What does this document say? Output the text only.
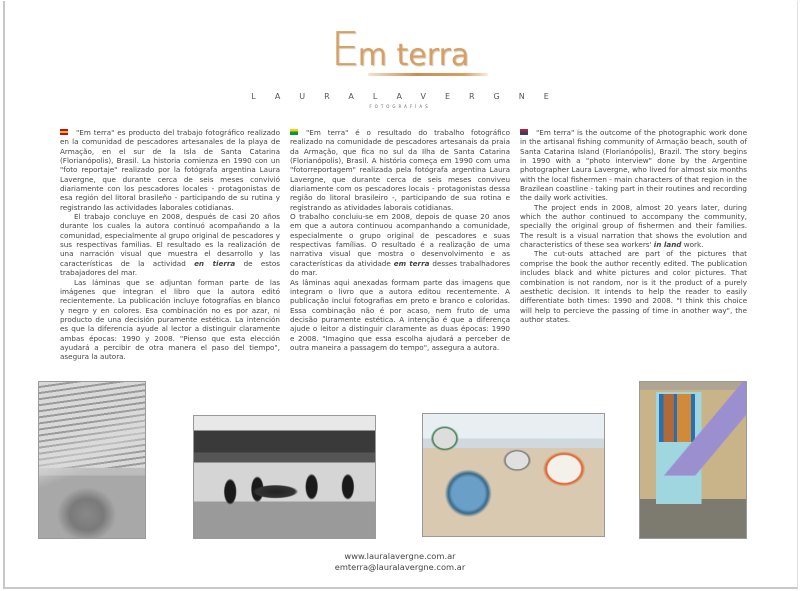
Em terra
LAURALAVERGNE
FOTOGRAFÍAS

"Em terra" es producto del trabajo fotográfico realizado en la comunidad de pescadores artesanales de la playa de Armação, en el sur de la Isla de Santa Catarina (Florianópolis), Brasil. La historia comienza en 1990 con un "foto reportaje" realizado por la fotógrafa argentina Laura Lavergne, que durante cerca de seis meses convivió diariamente con los pescadores locales - protagonistas de esa región del litoral brasileño - participando de su rutina y registrando las actividades laborales cotidianas.

El trabajo concluye en 2008, después de casi 20 años durante los cuales la autora continuó acompañando a la comunidad, especialmente al grupo original de pescadores y sus respectivas familias. El resultado es la realización de una narración visual que muestra el desarrollo y las características de la actividad en tierra de estos trabajadores del mar.

Las láminas que se adjuntan forman parte de las imágenes que integran el libro que la autora editó recientemente. La publicación incluye fotografías en blanco y negro y en colores. Esa combinación no es por azar, ni producto de una decisión puramente estética. La intención es que la diferencia ayude al lector a distinguir claramente ambas épocas: 1990 y 2008. "Pienso que esta elección ayudará a percibir de otra manera el paso del tiempo", asegura la autora.

"Em terra" é o resultado do trabalho fotográfico realizado na comunidade de pescadores artesanais da praia da Armação, que fica no sul da Ilha de Santa Catarina (Florianópolis), Brasil. A história começa em 1990 com uma "fotorreportagem" realizada pela fotógrafa argentina Laura Lavergne, que durante cerca de seis meses conviveu diariamente com os pescadores locais - protagonistas dessa região do litoral brasileiro -, participando de sua rotina e registrando as atividades laborais cotidianas.

O trabalho concluiu-se em 2008, depois de quase 20 anos em que a autora continuou acompanhando a comunidade, especialmente o grupo original de pescadores e suas respectivas famílias. O resultado é a realização de uma narrativa visual que mostra o desenvolvimento e as características da atividade em terra desses trabalhadores do mar.

As lâminas aqui anexadas formam parte das imagens que integram o livro que a autora editou recentemente. A publicação inclui fotografias em preto e branco e coloridas. Essa combinação não é por acaso, nem fruto de uma decisão puramente estética. A intenção é que a diferença ajude o leitor a distinguir claramente as duas épocas: 1990 e 2008. "Imagino que essa escolha ajudará a perceber de outra maneira a passagem do tempo", assegura a autora.

"Em terra" is the outcome of the photographic work done in the artisanal fishing community of Armação beach, south of Santa Catarina Island (Florianópolis), Brazil. The story begins in 1990 with a "photo interview" done by the Argentine photographer Laura Lavergne, who lived for almost six months with the local fishermen - main characters of that region in the Brazilean coastline - taking part in their routines and recording the daily work activities.

The project ends in 2008, almost 20 years later, during which the author continued to accompany the community, specially the original group of fishermen and their families. The result is a visual narration that shows the evolution and characteristics of these sea workers' in land work.

The cut-outs attached are part of the pictures that comprise the book the author recently edited. The publication includes black and white pictures and color pictures. That combination is not random, nor is it the product of a purely aesthetic decision. It intends to help the reader to easily differentiate both times: 1990 and 2008. "I think this choice will help to percieve the passing of time in another way", the author states.

www.lauralavergne.com.ar
emterra@lauralavergne.com.ar
